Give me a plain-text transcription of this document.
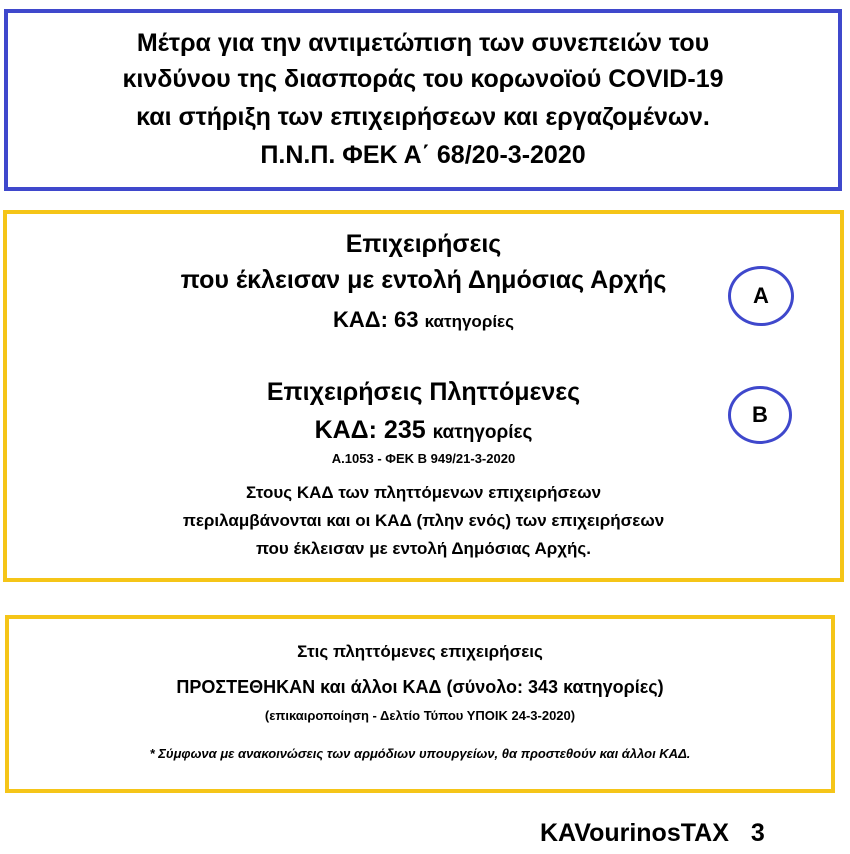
Μέτρα για την αντιμετώπιση των συνεπειών του
κινδύνου της διασποράς του κορωνοϊού COVID-19
και στήριξη των επιχειρήσεων και εργαζομένων.
Π.Ν.Π. ΦΕΚ Α΄ 68/20-3-2020
Επιχειρήσεις
που έκλεισαν με εντολή Δημόσιας Αρχής
ΚΑΔ: 63 κατηγορίες
Επιχειρήσεις Πληττόμενες
ΚΑΔ: 235 κατηγορίες
Α.1053 - ΦΕΚ Β 949/21-3-2020
Στους ΚΑΔ των πληττόμενων επιχειρήσεων
περιλαμβάνονται και οι ΚΑΔ (πλην ενός) των επιχειρήσεων
που έκλεισαν με εντολή Δημόσιας Αρχής.
A
B
Στις πληττόμενες επιχειρήσεις
ΠΡΟΣΤΕΘΗΚΑΝ και άλλοι ΚΑΔ (σύνολο: 343 κατηγορίες)
(επικαιροποίηση - Δελτίο Τύπου ΥΠΟΙΚ 24-3-2020)
* Σύμφωνα με ανακοινώσεις των αρμόδιων υπουργείων, θα προστεθούν και άλλοι ΚΑΔ.
KAVourinosTAX 3
